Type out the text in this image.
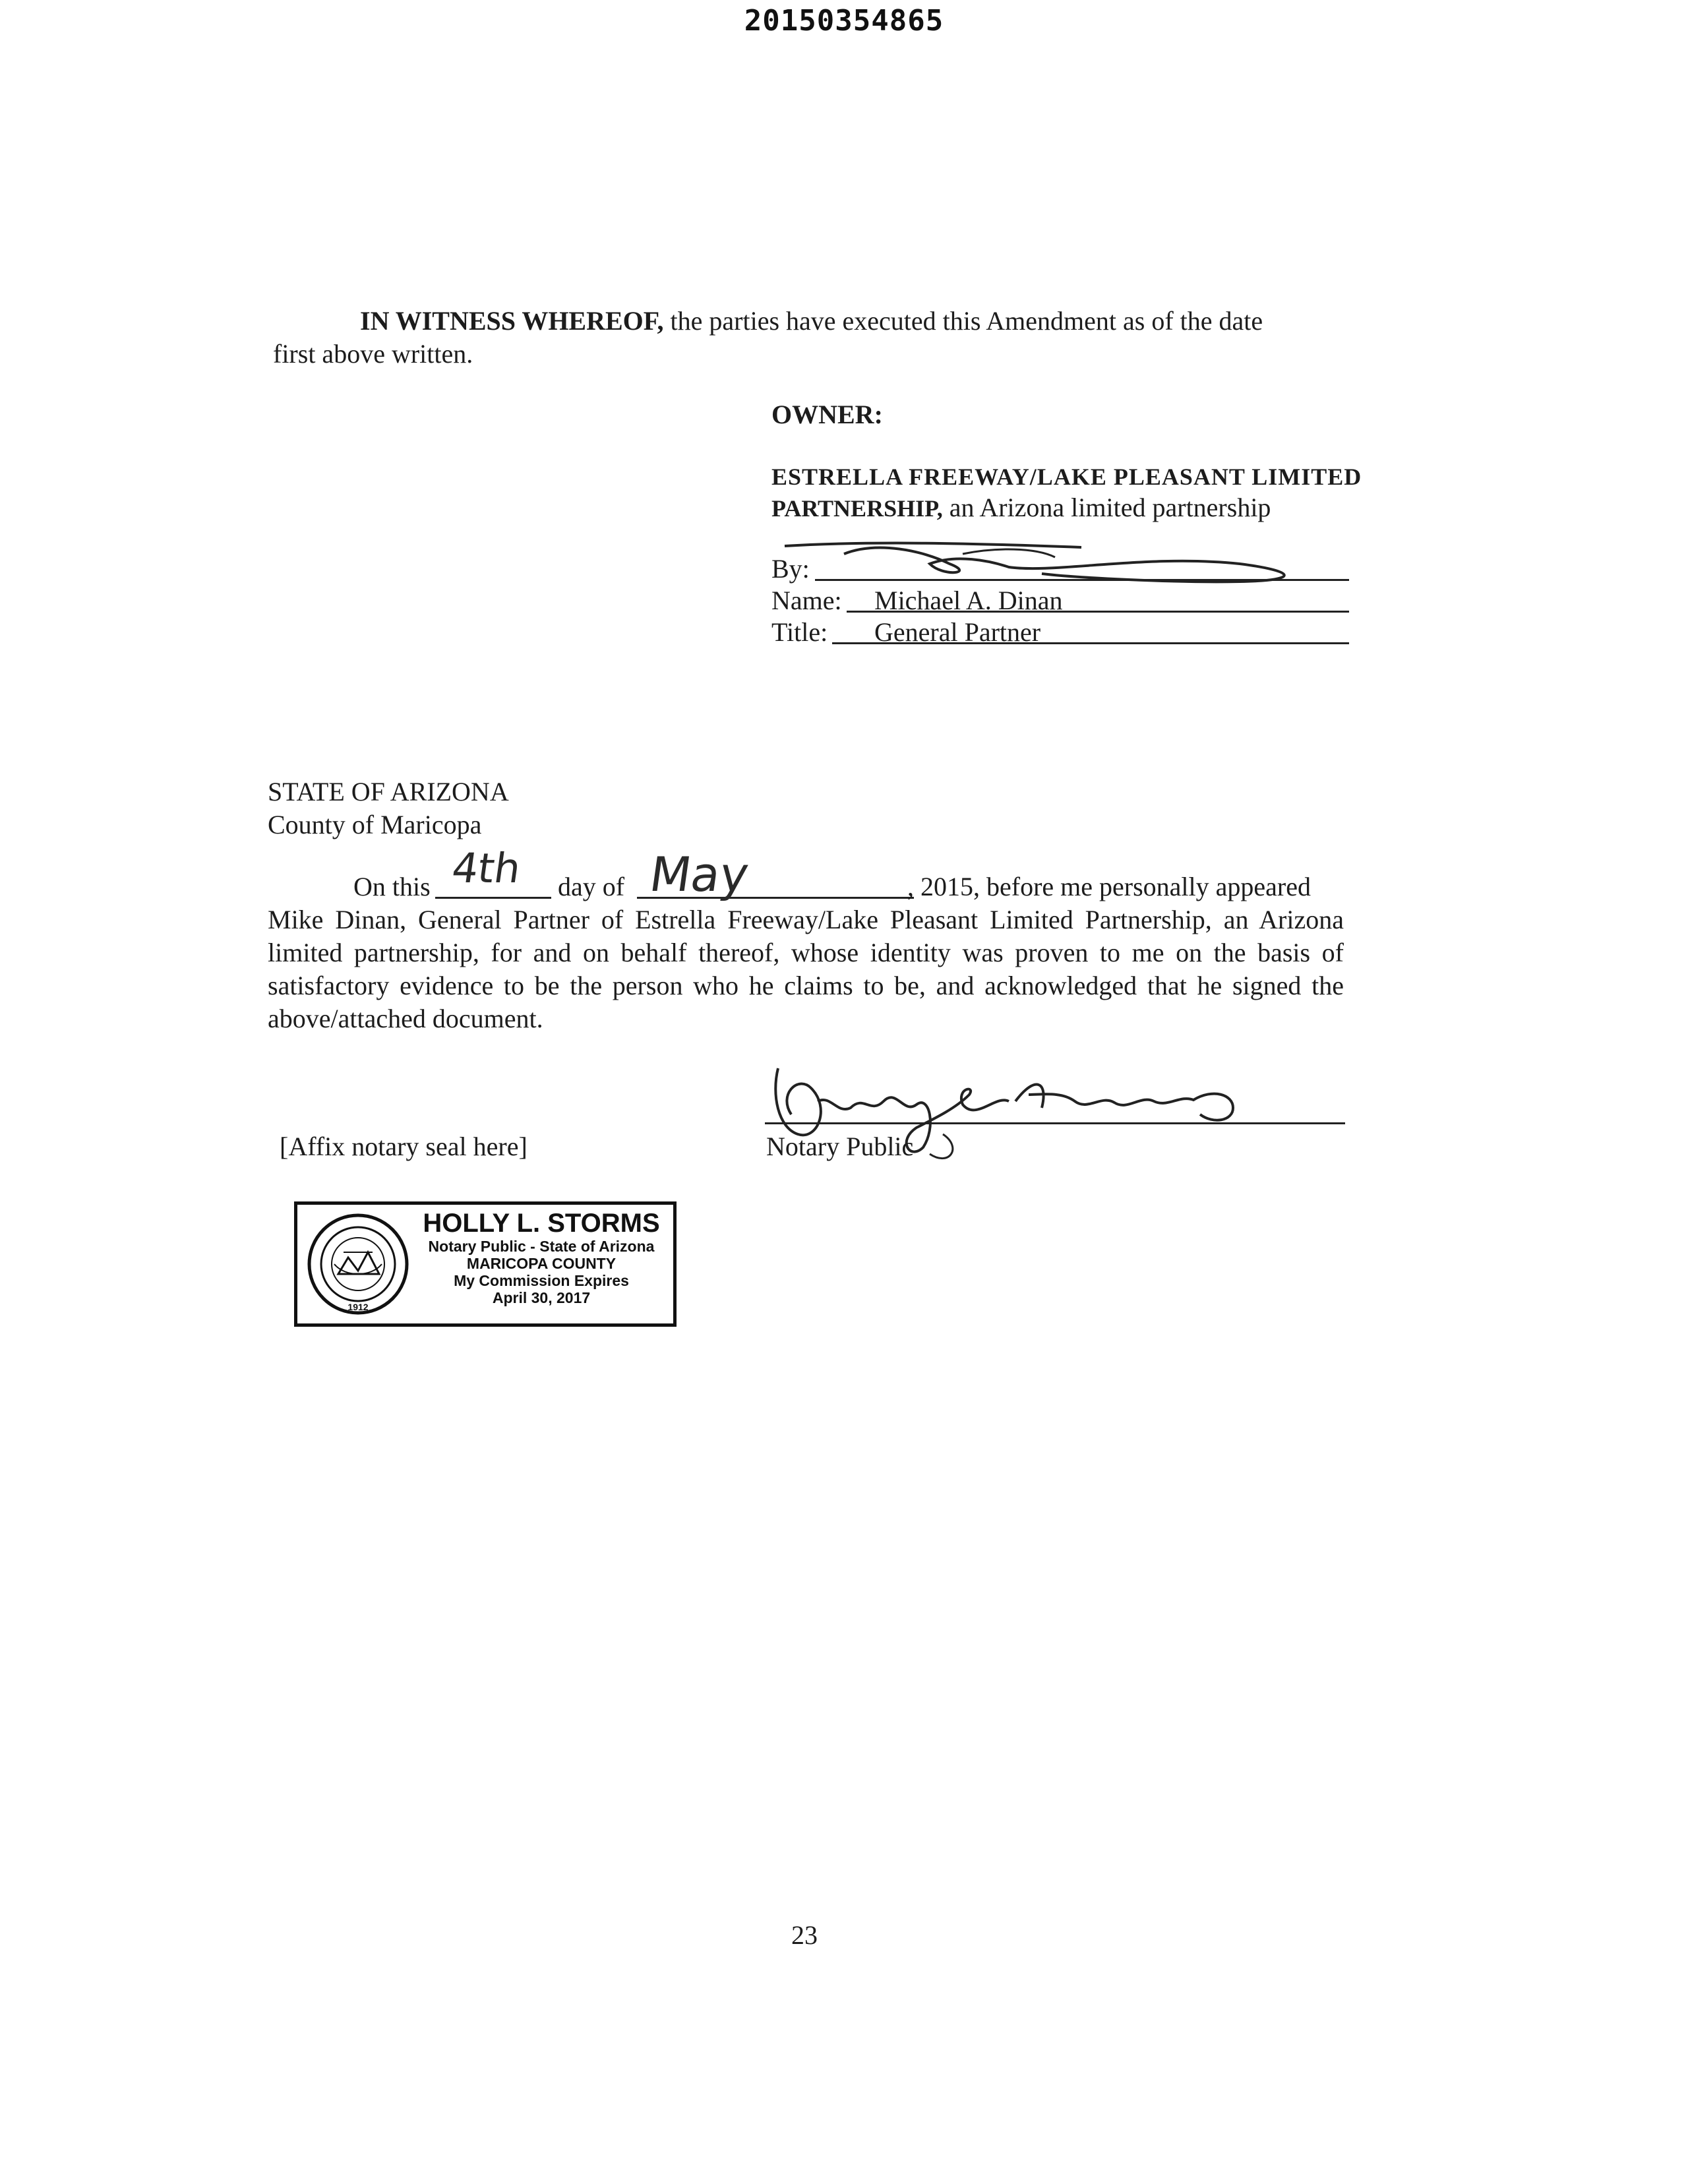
20150354865
IN WITNESS WHEREOF, the parties have executed this Amendment as of the date
first above written.
OWNER:
ESTRELLA FREEWAY/LAKE PLEASANT LIMITED
PARTNERSHIP, an Arizona limited partnership
By:
Name: Michael A. Dinan
Title: General Partner
STATE OF ARIZONA
County of Maricopa
On this 4th day of May	, 2015, before me personally appeared
Mike Dinan, General Partner of Estrella Freeway/Lake Pleasant Limited Partnership, an Arizona
limited partnership, for and on behalf thereof, whose identity was proven to me on the basis of
satisfactory evidence to be the person who he claims to be, and acknowledged that he signed the
above/attached document.
[Affix notary seal here]	Notary Public
1912
HOLLY L. STORMS
Notary Public - State of Arizona
MARICOPA COUNTY
My Commission Expires
April 30, 2017
23
